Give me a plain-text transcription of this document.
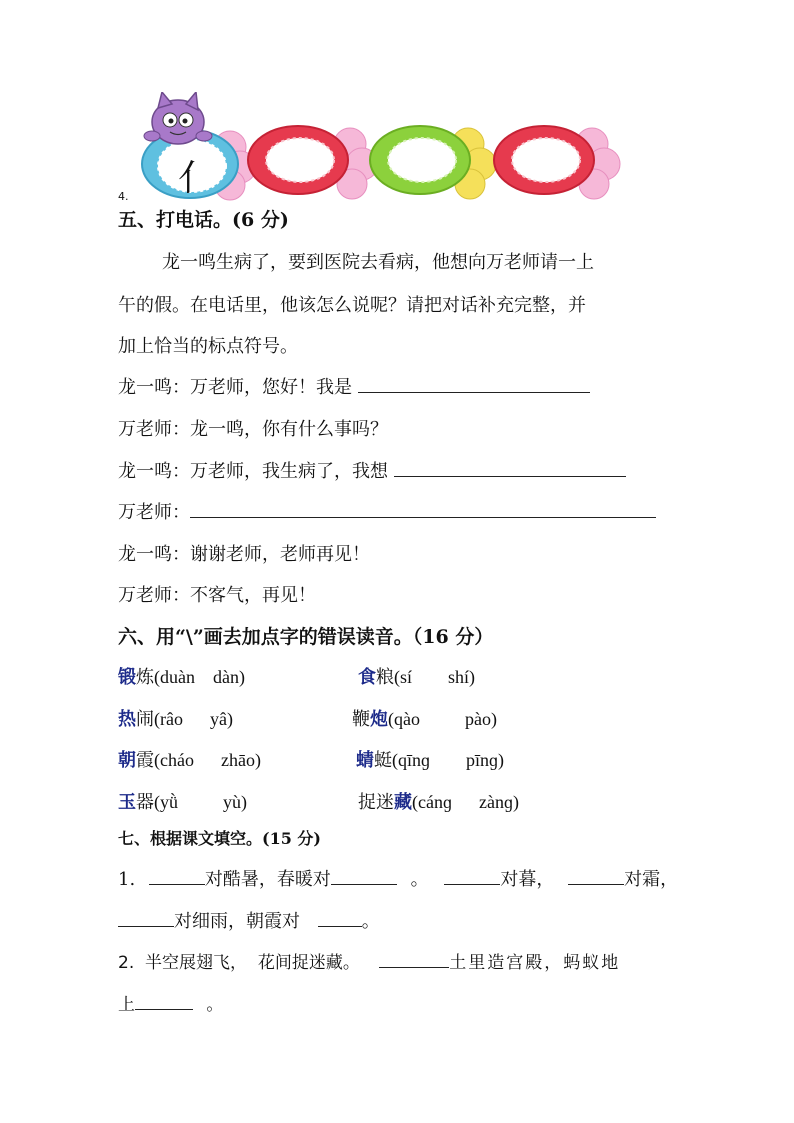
亻
4.
五、打电话。(6 分)
龙一鸣生病了，要到医院去看病，他想向万老师请一上
午的假。在电话里，他该怎么说呢？请把对话补充完整，并
加上恰当的标点符号。
龙一鸣：万老师，您好！我是
万老师：龙一鸣，你有什么事吗？
龙一鸣：万老师，我生病了，我想
万老师：
龙一鸣：谢谢老师，老师再见！
万老师：不客气，再见！
六、用“\”画去加点字的错误读音。（16 分）
锻炼(duàn    dàn)	食粮(sí        shí)
热闹(râo      yâ)	鞭炮(qào          pào)
朝霞(cháo      zhāo)	蜻蜓(qīnɡ        pīnɡ)
玉器(yǜ          yù)	捉迷藏(cánɡ      zànɡ)
七、根据课文填空。(15 分)
1.	对酷暑，春暖对	。	对暮，	对霜，
对细雨，朝霞对	。
2.  半空展翅飞，  花间捉迷藏。	土里造宫殿，蚂蚁地
上	。
